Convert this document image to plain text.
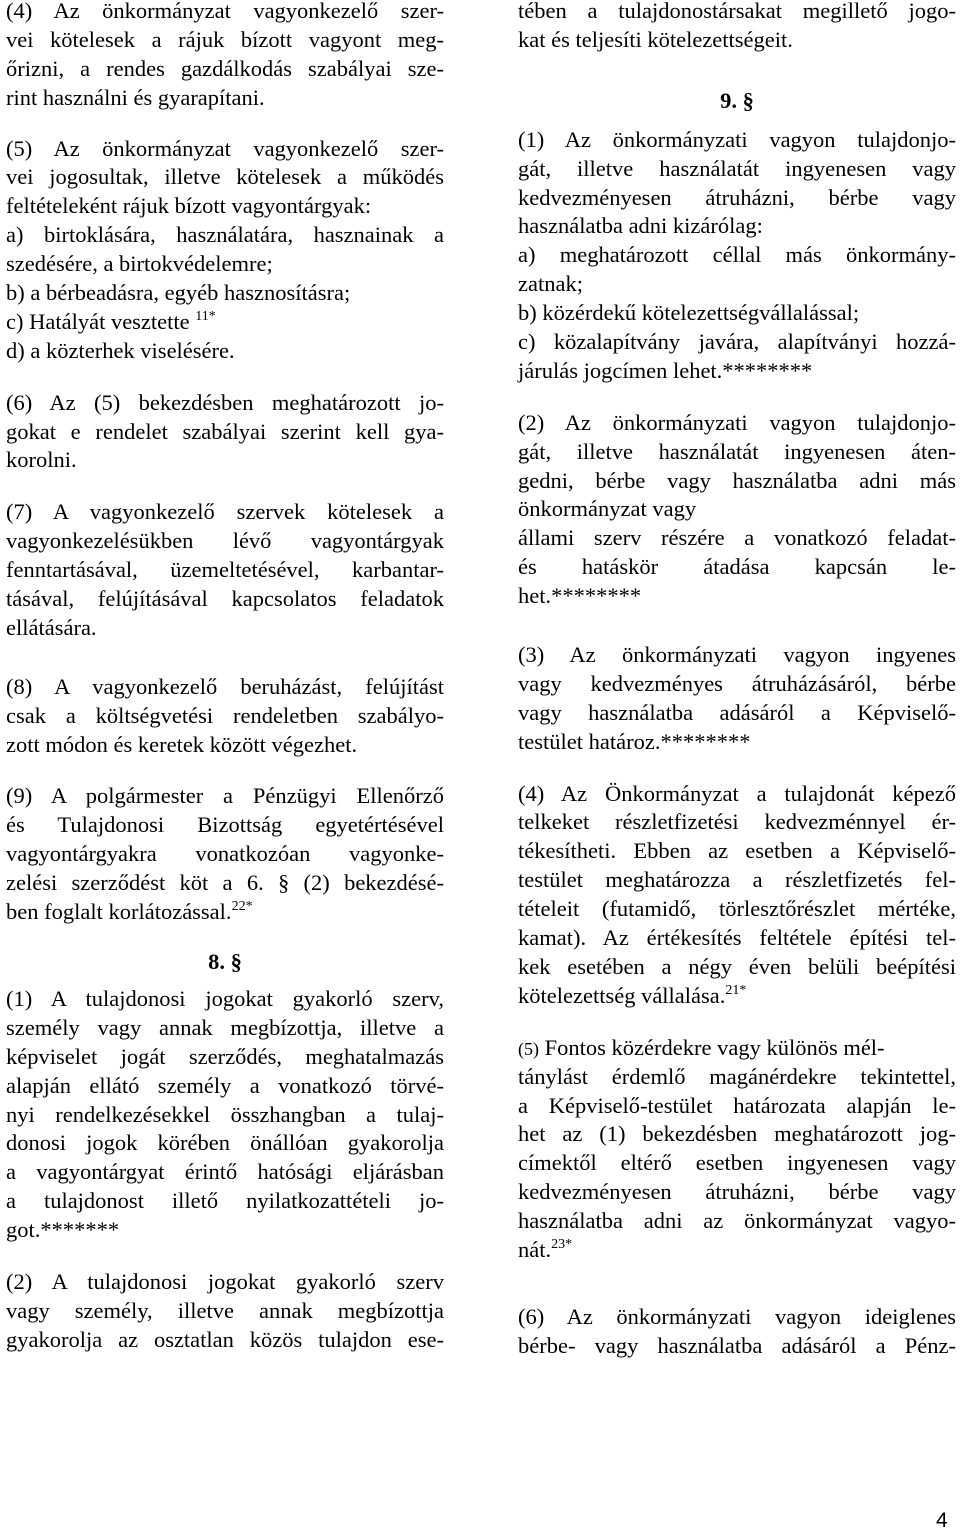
(4) Az önkormányzat vagyonkezelő szer-
vei kötelesek a rájuk bízott vagyont meg-
őrizni, a rendes gazdálkodás szabályai sze-
rint használni és gyarapítani.
(5) Az önkormányzat vagyonkezelő szer-
vei jogosultak, illetve kötelesek a működés
feltételeként rájuk bízott vagyontárgyak:
a) birtoklására, használatára, hasznainak a
szedésére, a birtokvédelemre;
b) a bérbeadásra, egyéb hasznosításra;
c) Hatályát vesztette $^{11*}$
d) a közterhek viselésére.
(6) Az (5) bekezdésben meghatározott jo-
gokat e rendelet szabályai szerint kell gya-
korolni.
(7) A vagyonkezelő szervek kötelesek a
vagyonkezelésükben lévő vagyontárgyak
fenntartásával, üzemeltetésével, karbantar-
tásával, felújításával kapcsolatos feladatok
ellátására.
(8) A vagyonkezelő beruházást, felújítást
csak a költségvetési rendeletben szabályo-
zott módon és keretek között végezhet.
(9) A polgármester a Pénzügyi Ellenőrző
és Tulajdonosi Bizottság egyetértésével
vagyontárgyakra vonatkozóan vagyonke-
zelési szerződést köt a 6. § (2) bekezdésé-
ben foglalt korlátozással.$^{22*}$
8. §
(1) A tulajdonosi jogokat gyakorló szerv,
személy vagy annak megbízottja, illetve a
képviselet jogát szerződés, meghatalmazás
alapján ellátó személy a vonatkozó törvé-
nyi rendelkezésekkel összhangban a tulaj-
donosi jogok körében önállóan gyakorolja
a vagyontárgyat érintő hatósági eljárásban
a tulajdonost illető nyilatkozattételi jo-
got.*******
(2) A tulajdonosi jogokat gyakorló szerv
vagy személy, illetve annak megbízottja
gyakorolja az osztatlan közös tulajdon ese-
tében a tulajdonostársakat megillető jogo-
kat és teljesíti kötelezettségeit.
9. §
(1) Az önkormányzati vagyon tulajdonjo-
gát, illetve használatát ingyenesen vagy
kedvezményesen átruházni, bérbe vagy
használatba adni kizárólag:
a) meghatározott céllal más önkormány-
zatnak;
b) közérdekű kötelezettségvállalással;
c) közalapítvány javára, alapítványi hozzá-
járulás jogcímen lehet.********
(2) Az önkormányzati vagyon tulajdonjo-
gát, illetve használatát ingyenesen áten-
gedni, bérbe vagy használatba adni más
önkormányzat vagy
állami szerv részére a vonatkozó feladat-
és hatáskör átadása kapcsán le-
het.********
(3) Az önkormányzati vagyon ingyenes
vagy kedvezményes átruházásáról, bérbe
vagy használatba adásáról a Képviselő-
testület határoz.********
(4) Az Önkormányzat a tulajdonát képező
telkeket részletfizetési kedvezménnyel ér-
tékesítheti. Ebben az esetben a Képviselő-
testület meghatározza a részletfizetés fel-
tételeit (futamidő, törlesztőrészlet mértéke,
kamat). Az értékesítés feltétele építési tel-
kek esetében a négy éven belüli beépítési
kötelezettség vállalása.$^{21*}$
(5) Fontos közérdekre vagy különös mél-
tánylást érdemlő magánérdekre tekintettel,
a Képviselő-testület határozata alapján le-
het az (1) bekezdésben meghatározott jog-
címektől eltérő esetben ingyenesen vagy
kedvezményesen átruházni, bérbe vagy
használatba adni az önkormányzat vagyo-
nát.$^{23*}$
(6) Az önkormányzati vagyon ideiglenes
bérbe- vagy használatba adásáról a Pénz-
4
